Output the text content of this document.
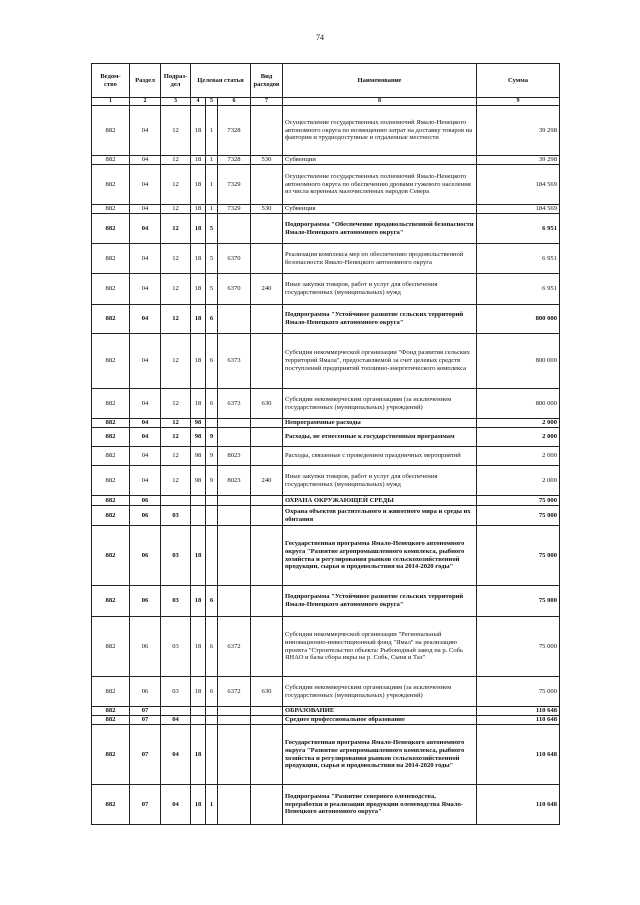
74
Ведом-
ство	Раздел	Подраз-
дел	Целевая статья			Вид
расходов	Наименование	Сумма
1	2	3	4	5	6	7	8	9
882	04	12	18	1	7328		Осуществление государственных полномочий Ямало-Ненецкого автономного округа по возмещению затрат на доставку товаров на фактории и труднодоступные и отдаленные местности	39 298
882	04	12	18	1	7328	530	Субвенции	39 298
882	04	12	18	1	7329		Осуществление государственных полномочий Ямало-Ненецкого автономного округа по обеспечению дровами гужевого населения из числа коренных малочисленных народов Севера	184 569
882	04	12	18	1	7329	530	Субвенция	184 569
882	04	12	18	5			Подпрограмма "Обеспечение продовольственной безопасности Ямало-Ненецкого автономного округа"	6 951
882	04	12	18	5	6370		Реализация комплекса мер по обеспечению продовольственной безопасности Ямало-Ненецкого автономного округа	6 951
882	04	12	18	5	6370	240	Иные закупки товаров, работ и услуг для обеспечения государственных (муниципальных) нужд	6 951
882	04	12	18	6			Подпрограмма "Устойчивое развитие сельских территорий Ямало-Ненецкого автономного округа"	800 000
882	04	12	18	6	6373		Субсидия некоммерческой организации "Фонд развития сельских территорий Ямала", предоставляемой за счет целевых средств поступлений предприятий топливно-энергетического комплекса	800 000
882	04	12	18	6	6373	630	Субсидии некоммерческим организациям (за исключением государственных (муниципальных) учреждений)	800 000
882	04	12	98				Непрограммные расходы	2 000
882	04	12	98	9			Расходы, не отнесенные к государственным программам	2 000
882	04	12	98	9	8023		Расходы, связанные с проведением праздничных мероприятий	2 000
882	04	12	98	9	8023	240	Иные закупки товаров, работ и услуг для обеспечения государственных (муниципальных) нужд	2 000
882	06						ОХРАНА ОКРУЖАЮЩЕЙ СРЕДЫ	75 000
882	06	03					Охрана объектов растительного и животного мира и среды их обитания	75 000
882	06	03	18				Государственная программа Ямало-Ненецкого автономного округа "Развитие агропромышленного комплекса, рыбного хозяйства и регулирования рынков сельскохозяйственной продукции, сырья и продовольствия на 2014-2020 годы"	75 000
882	06	03	18	6			Подпрограмма "Устойчивое развитие сельских территорий Ямало-Ненецкого автономного округа"	75 000
882	06	03	18	6	6372		Субсидия некоммерческой организации "Региональный инновационно-инвестиционный фонд "Ямал" на реализацию проекта "Строительство объекта: Рыбоводный завод на р. Собь ЯНАО и базы сбора икры на р. Собь, Сыня и Таз"	75 000
882	06	03	18	6	6372	630	Субсидии некоммерческим организациям (за исключением государственных (муниципальных) учреждений)	75 000
882	07						ОБРАЗОВАНИЕ	110 648
882	07	04					Среднее профессиональное образование	110 648
882	07	04	18				Государственная программа Ямало-Ненецкого автономного округа "Развитие агропромышленного комплекса, рыбного хозяйства и регулирования рынков сельскохозяйственной продукции, сырья и продовольствия на 2014-2020 годы"	110 648
882	07	04	18	1			Подпрограмма "Развитие северного оленеводства, переработки и реализации продукции оленеводства Ямало-Ненецкого автономного округа"	110 648
